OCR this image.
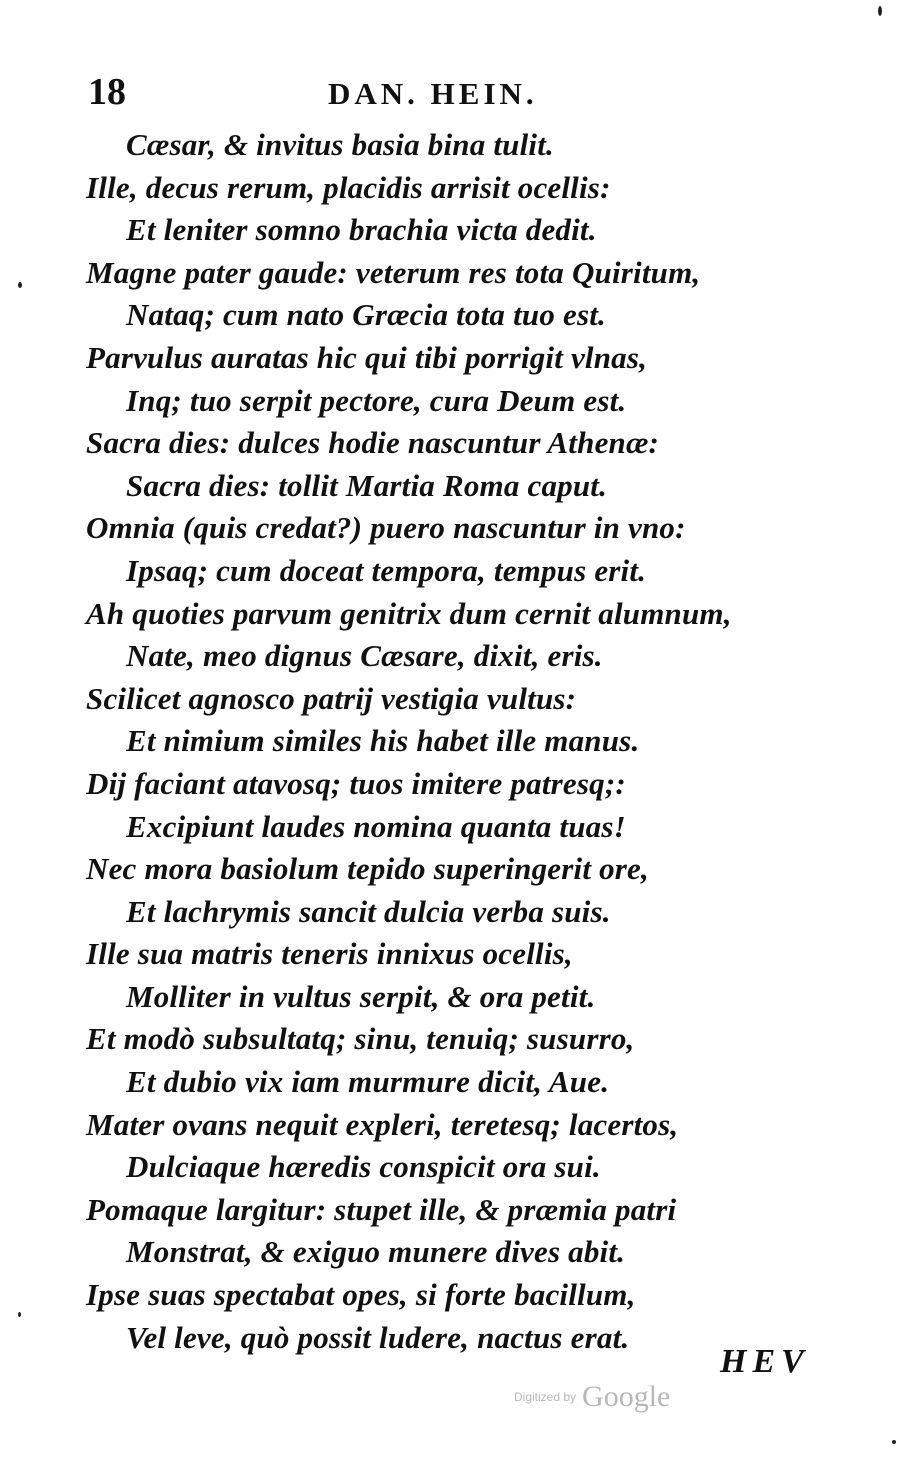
18	DAN. HEIN.
Cæsar, & invitus basia bina tulit.
Ille, decus rerum, placidis arrisit ocellis:
Et leniter somno brachia victa dedit.
Magne pater gaude: veterum res tota Quiritum,
Nataq; cum nato Græcia tota tuo est.
Parvulus auratas hic qui tibi porrigit vlnas,
Inq; tuo serpit pectore, cura Deum est.
Sacra dies: dulces hodie nascuntur Athenæ:
Sacra dies: tollit Martia Roma caput.
Omnia (quis credat?) puero nascuntur in vno:
Ipsaq; cum doceat tempora, tempus erit.
Ah quoties parvum genitrix dum cernit alumnum,
Nate, meo dignus Cæsare, dixit, eris.
Scilicet agnosco patrij vestigia vultus:
Et nimium similes his habet ille manus.
Dij faciant atavosq; tuos imitere patresq;:
Excipiunt laudes nomina quanta tuas!
Nec mora basiolum tepido superingerit ore,
Et lachrymis sancit dulcia verba suis.
Ille sua matris teneris innixus ocellis,
Molliter in vultus serpit, & ora petit.
Et modò subsultatq; sinu, tenuiq; susurro,
Et dubio vix iam murmure dicit, Aue.
Mater ovans nequit expleri, teretesq; lacertos,
Dulciaque hæredis conspicit ora sui.
Pomaque largitur: stupet ille, & præmia patri
Monstrat, & exiguo munere dives abit.
Ipse suas spectabat opes, si forte bacillum,
Vel leve, quò possit ludere, nactus erat.
HEV
Digitized by Google
